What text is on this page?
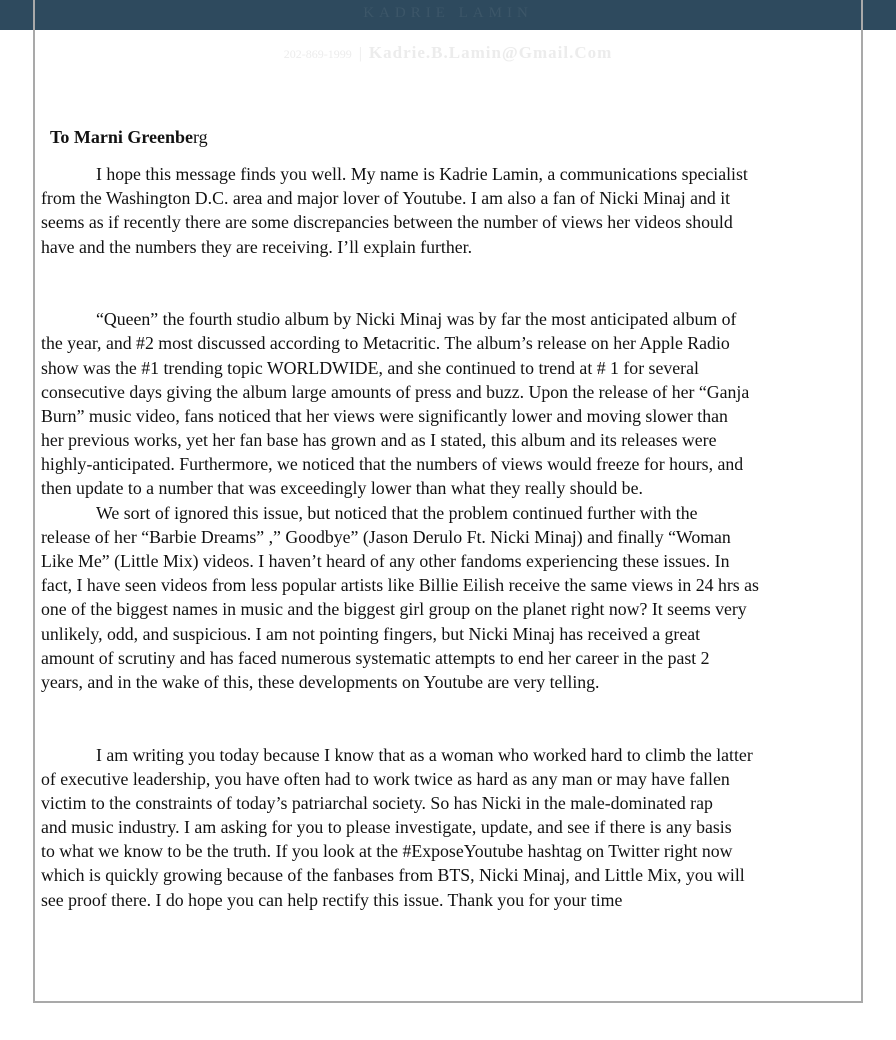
KADRIE LAMIN
202-869-1999 | Kadrie.B.Lamin@Gmail.Com
To Marni Greenberg
I hope this message finds you well. My name is Kadrie Lamin, a communications specialist
from the Washington D.C. area and major lover of Youtube. I am also a fan of Nicki Minaj and it
seems as if recently there are some discrepancies between the number of views her videos should
have and the numbers they are receiving. I’ll explain further.
“Queen” the fourth studio album by Nicki Minaj was by far the most anticipated album of
the year, and #2 most discussed according to Metacritic. The album’s release on her Apple Radio
show was the #1 trending topic WORLDWIDE, and she continued to trend at # 1 for several
consecutive days giving the album large amounts of press and buzz. Upon the release of her “Ganja
Burn” music video, fans noticed that her views were significantly lower and moving slower than
her previous works, yet her fan base has grown and as I stated, this album and its releases were
highly-anticipated. Furthermore, we noticed that the numbers of views would freeze for hours, and
then update to a number that was exceedingly lower than what they really should be.
We sort of ignored this issue, but noticed that the problem continued further with the
release of her “Barbie Dreams” ,” Goodbye” (Jason Derulo Ft. Nicki Minaj) and finally “Woman
Like Me” (Little Mix) videos. I haven’t heard of any other fandoms experiencing these issues. In
fact, I have seen videos from less popular artists like Billie Eilish receive the same views in 24 hrs as
one of the biggest names in music and the biggest girl group on the planet right now? It seems very
unlikely, odd, and suspicious. I am not pointing fingers, but Nicki Minaj has received a great
amount of scrutiny and has faced numerous systematic attempts to end her career in the past 2
years, and in the wake of this, these developments on Youtube are very telling.
I am writing you today because I know that as a woman who worked hard to climb the latter
of executive leadership, you have often had to work twice as hard as any man or may have fallen
victim to the constraints of today’s patriarchal society. So has Nicki in the male-dominated rap
and music industry. I am asking for you to please investigate, update, and see if there is any basis
to what we know to be the truth. If you look at the #ExposeYoutube hashtag on Twitter right now
which is quickly growing because of the fanbases from BTS, Nicki Minaj, and Little Mix, you will
see proof there. I do hope you can help rectify this issue. Thank you for your time
